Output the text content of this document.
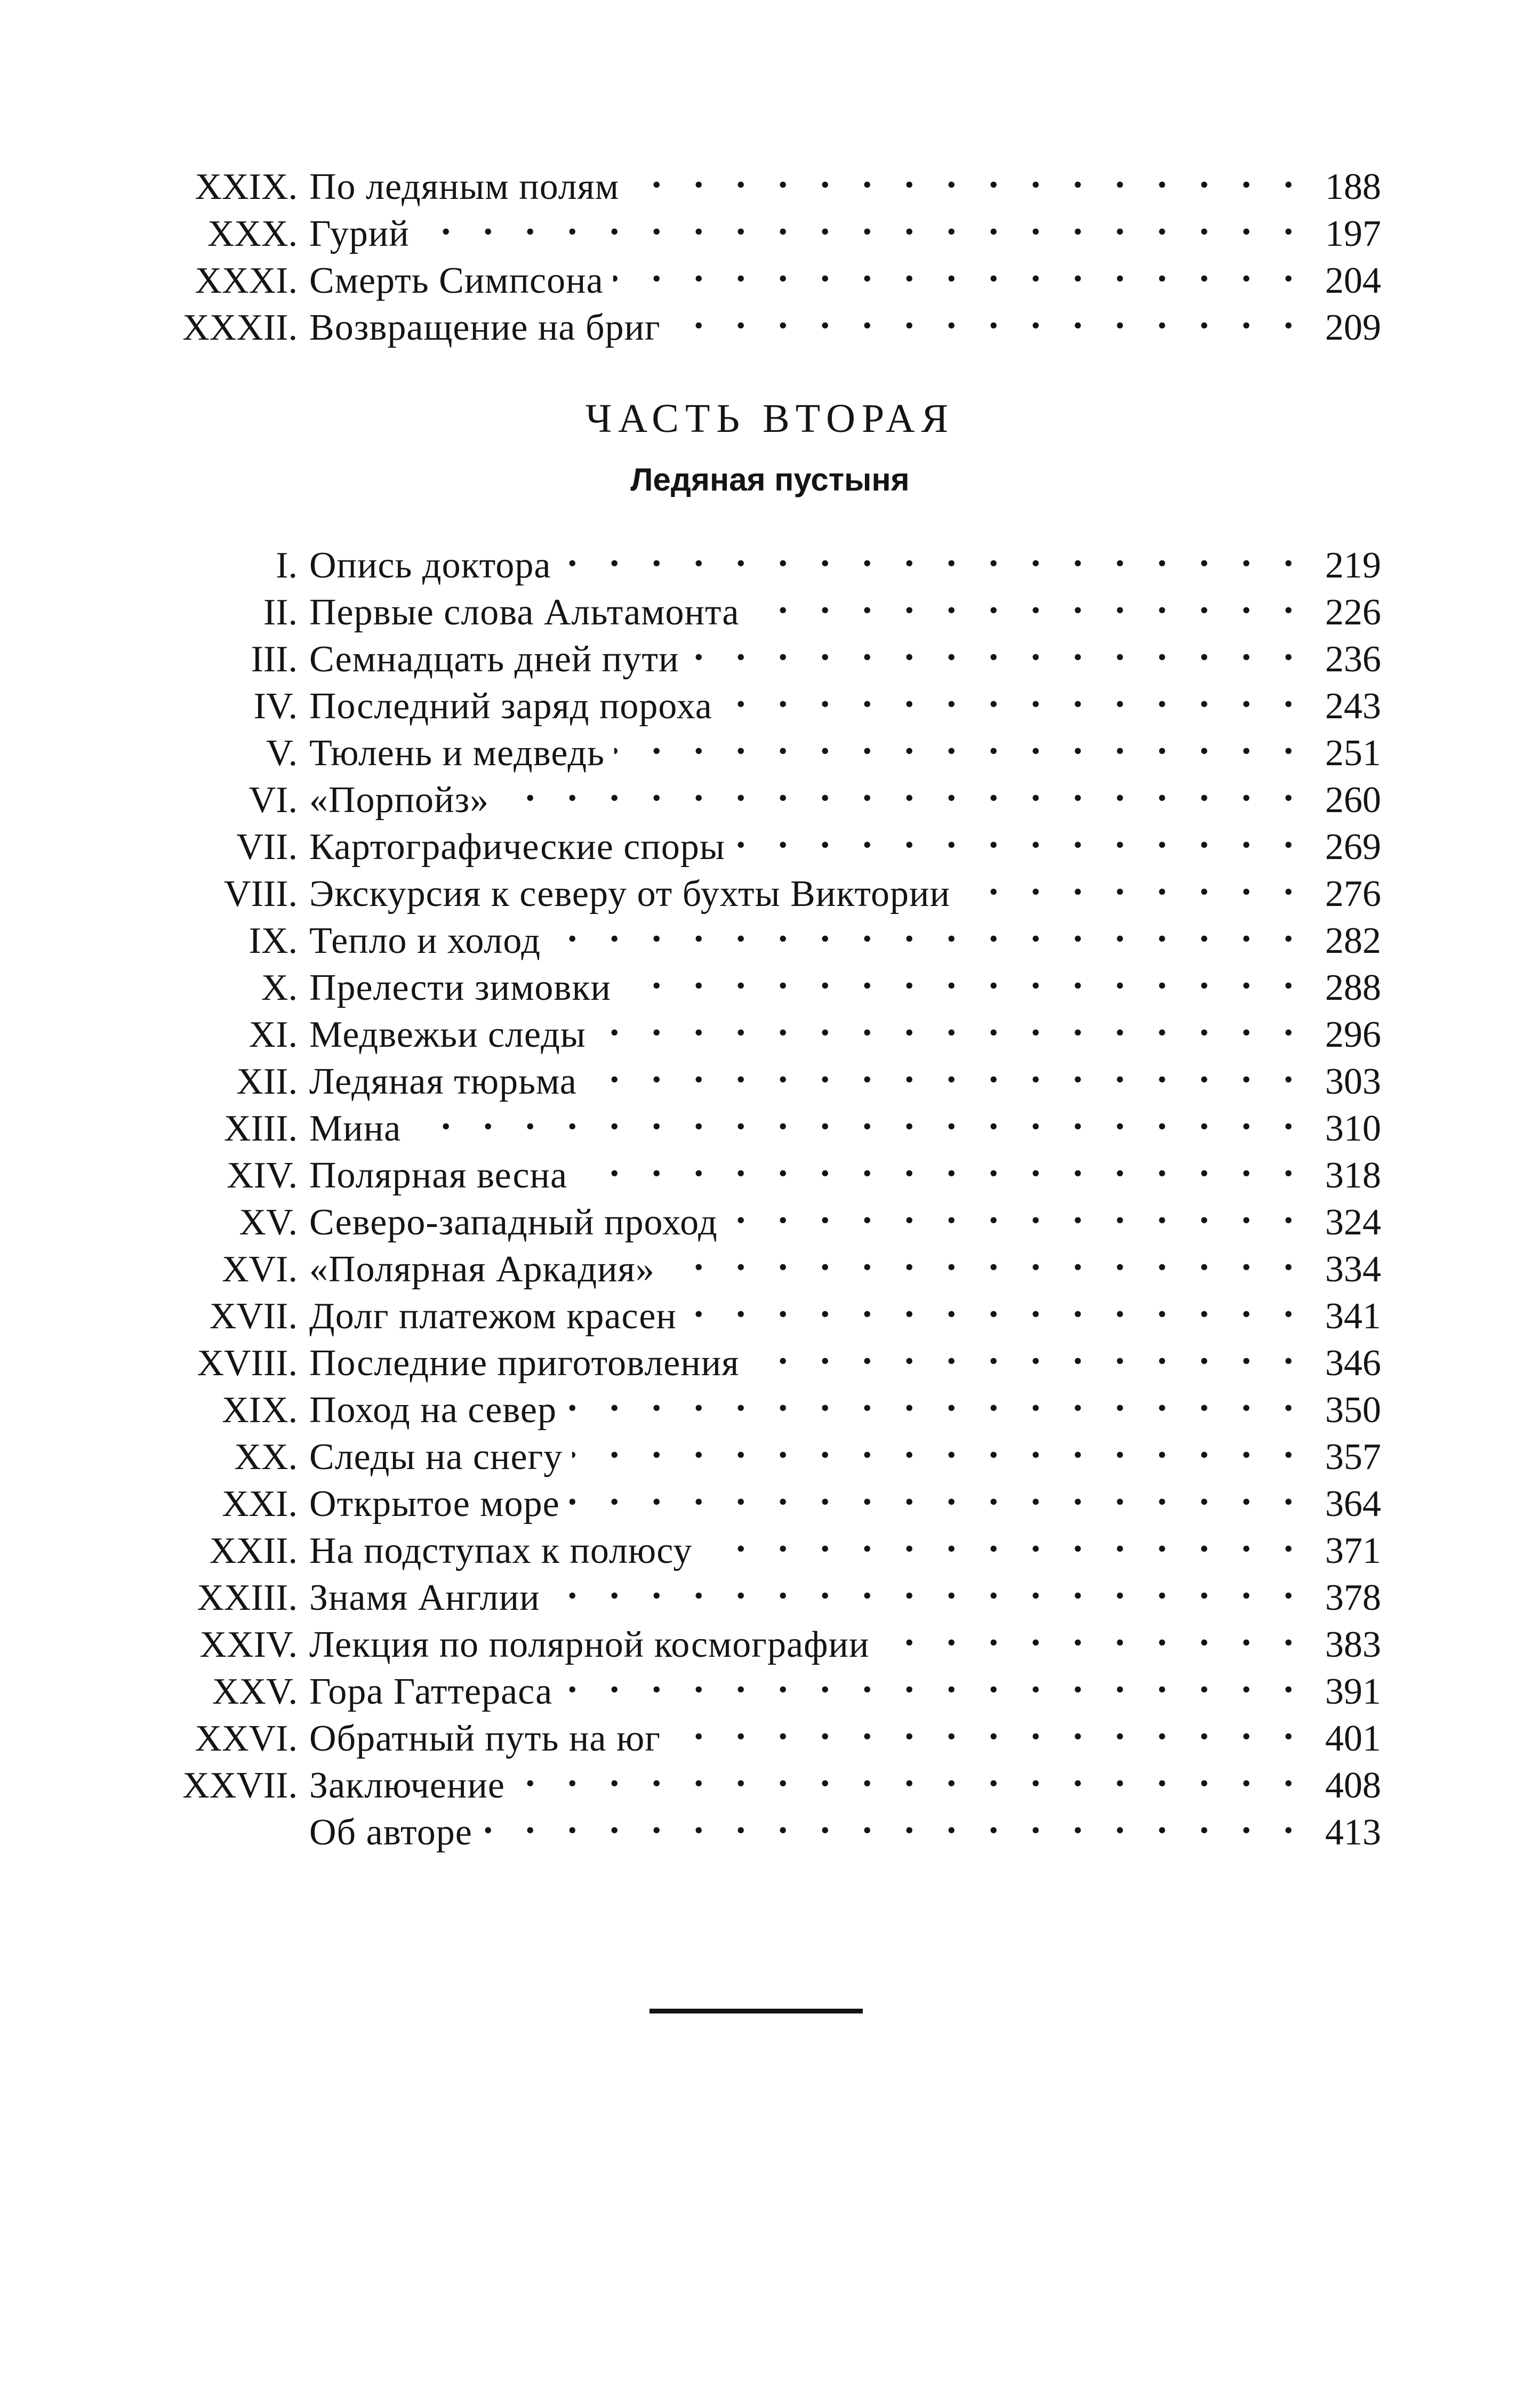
XXIX. По ледяным полям . . .	188
XXX. Гурий . . .	197
XXXI. Смерть Симпсона . . .	204
XXXII. Возвращение на бриг . . .	209
ЧАСТЬ ВТОРАЯ
Ледяная пустыня
I. Опись доктора . . .	219
II. Первые слова Альтамонта . . .	226
III. Семнадцать дней пути . . .	236
IV. Последний заряд пороха . . .	243
V. Тюлень и медведь . . .	251
VI. «Порпойз» . . .	260
VII. Картографические споры . . .	269
VIII. Экскурсия к северу от бухты Виктории . . .	276
IX. Тепло и холод . . .	282
X. Прелести зимовки . . .	288
XI. Медвежьи следы . . .	296
XII. Ледяная тюрьма . . .	303
XIII. Мина . . .	310
XIV. Полярная весна . . .	318
XV. Северо-западный проход . . .	324
XVI. «Полярная Аркадия» . . .	334
XVII. Долг платежом красен . . .	341
XVIII. Последние приготовления . . .	346
XIX. Поход на север . . .	350
XX. Следы на снегу . . .	357
XXI. Открытое море . . .	364
XXII. На подступах к полюсу . . .	371
XXIII. Знамя Англии . . .	378
XXIV. Лекция по полярной космографии . . .	383
XXV. Гора Гаттераса . . .	391
XXVI. Обратный путь на юг . . .	401
XXVII. Заключение . . .	408
Об авторе . . .	413
